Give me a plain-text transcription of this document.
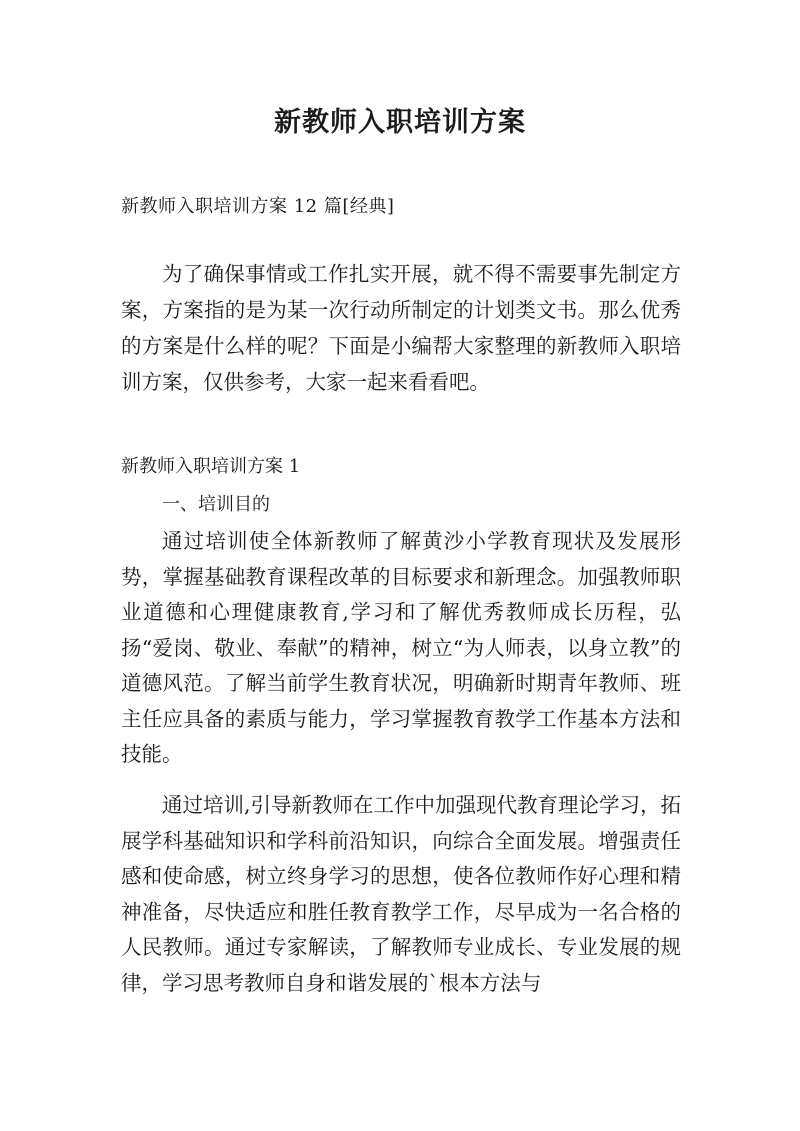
新教师入职培训方案
新教师入职培训方案 12 篇[经典]

为了确保事情或工作扎实开展，就不得不需要事先制定方案，方案指的是为某一次行动所制定的计划类文书。那么优秀的方案是什么样的呢？下面是小编帮大家整理的新教师入职培训方案，仅供参考，大家一起来看看吧。

新教师入职培训方案 1
一、培训目的

通过培训使全体新教师了解黄沙小学教育现状及发展形势，掌握基础教育课程改革的目标要求和新理念。加强教师职业道德和心理健康教育,学习和了解优秀教师成长历程，弘扬“爱岗、敬业、奉献”的精神，树立“为人师表，以身立教”的道德风范。了解当前学生教育状况，明确新时期青年教师、班主任应具备的素质与能力，学习掌握教育教学工作基本方法和技能。

通过培训,引导新教师在工作中加强现代教育理论学习，拓展学科基础知识和学科前沿知识，向综合全面发展。增强责任感和使命感，树立终身学习的思想，使各位教师作好心理和精神准备，尽快适应和胜任教育教学工作，尽早成为一名合格的人民教师。通过专家解读，了解教师专业成长、专业发展的规律，学习思考教师自身和谐发展的`根本方法与
